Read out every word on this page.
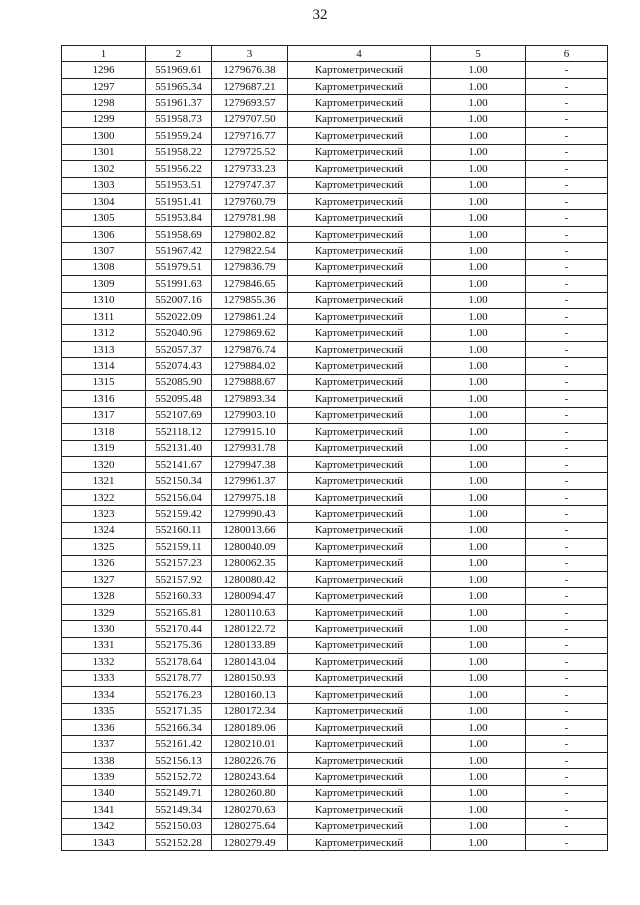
32
1	2	3	4	5	6
1296	551969.61	1279676.38	Картометрический	1.00	-
1297	551965.34	1279687.21	Картометрический	1.00	-
1298	551961.37	1279693.57	Картометрический	1.00	-
1299	551958.73	1279707.50	Картометрический	1.00	-
1300	551959.24	1279716.77	Картометрический	1.00	-
1301	551958.22	1279725.52	Картометрический	1.00	-
1302	551956.22	1279733.23	Картометрический	1.00	-
1303	551953.51	1279747.37	Картометрический	1.00	-
1304	551951.41	1279760.79	Картометрический	1.00	-
1305	551953.84	1279781.98	Картометрический	1.00	-
1306	551958.69	1279802.82	Картометрический	1.00	-
1307	551967.42	1279822.54	Картометрический	1.00	-
1308	551979.51	1279836.79	Картометрический	1.00	-
1309	551991.63	1279846.65	Картометрический	1.00	-
1310	552007.16	1279855.36	Картометрический	1.00	-
1311	552022.09	1279861.24	Картометрический	1.00	-
1312	552040.96	1279869.62	Картометрический	1.00	-
1313	552057.37	1279876.74	Картометрический	1.00	-
1314	552074.43	1279884.02	Картометрический	1.00	-
1315	552085.90	1279888.67	Картометрический	1.00	-
1316	552095.48	1279893.34	Картометрический	1.00	-
1317	552107.69	1279903.10	Картометрический	1.00	-
1318	552118.12	1279915.10	Картометрический	1.00	-
1319	552131.40	1279931.78	Картометрический	1.00	-
1320	552141.67	1279947.38	Картометрический	1.00	-
1321	552150.34	1279961.37	Картометрический	1.00	-
1322	552156.04	1279975.18	Картометрический	1.00	-
1323	552159.42	1279990.43	Картометрический	1.00	-
1324	552160.11	1280013.66	Картометрический	1.00	-
1325	552159.11	1280040.09	Картометрический	1.00	-
1326	552157.23	1280062.35	Картометрический	1.00	-
1327	552157.92	1280080.42	Картометрический	1.00	-
1328	552160.33	1280094.47	Картометрический	1.00	-
1329	552165.81	1280110.63	Картометрический	1.00	-
1330	552170.44	1280122.72	Картометрический	1.00	-
1331	552175.36	1280133.89	Картометрический	1.00	-
1332	552178.64	1280143.04	Картометрический	1.00	-
1333	552178.77	1280150.93	Картометрический	1.00	-
1334	552176.23	1280160.13	Картометрический	1.00	-
1335	552171.35	1280172.34	Картометрический	1.00	-
1336	552166.34	1280189.06	Картометрический	1.00	-
1337	552161.42	1280210.01	Картометрический	1.00	-
1338	552156.13	1280226.76	Картометрический	1.00	-
1339	552152.72	1280243.64	Картометрический	1.00	-
1340	552149.71	1280260.80	Картометрический	1.00	-
1341	552149.34	1280270.63	Картометрический	1.00	-
1342	552150.03	1280275.64	Картометрический	1.00	-
1343	552152.28	1280279.49	Картометрический	1.00	-
